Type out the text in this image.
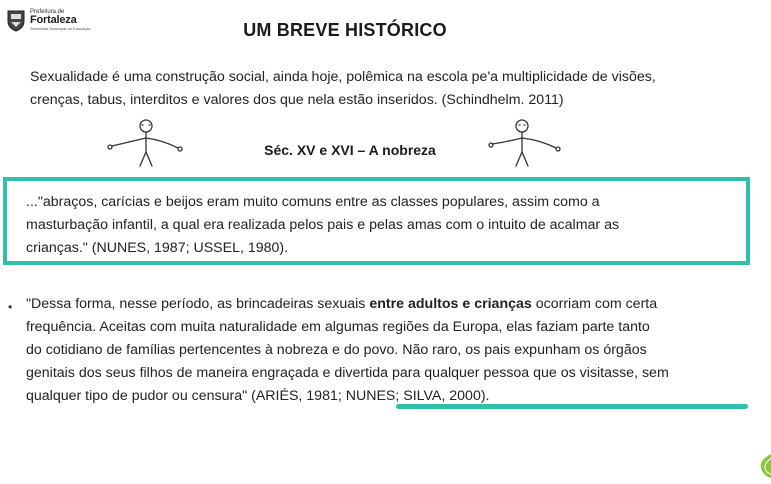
Prefeitura de
Fortaleza
Secretaria Municipal da Educação	UM BREVE HISTÓRICO
Sexualidade é uma construção social, ainda hoje, polêmica na escola pe'a multiplicidade de visões,
crenças, tabus, interditos e valores dos que nela estão inseridos. (Schindhelm. 2011)
Séc. XV e XVI – A nobreza
..."abraços, carícias e beijos eram muito comuns entre as classes populares, assim como a
masturbação infantil, a qual era realizada pelos pais e pelas amas com o intuito de acalmar as
crianças." (NUNES, 1987; USSEL, 1980).
• "Dessa forma, nesse período, as brincadeiras sexuais entre adultos e crianças ocorriam com certa
frequência. Aceitas com muita naturalidade em algumas regiões da Europa, elas faziam parte tanto
do cotidiano de famílias pertencentes à nobreza e do povo. Não raro, os pais expunham os órgãos
genitais dos seus filhos de maneira engraçada e divertida para qualquer pessoa que os visitasse, sem
qualquer tipo de pudor ou censura" (ARIÉS, 1981; NUNES; SILVA, 2000).
